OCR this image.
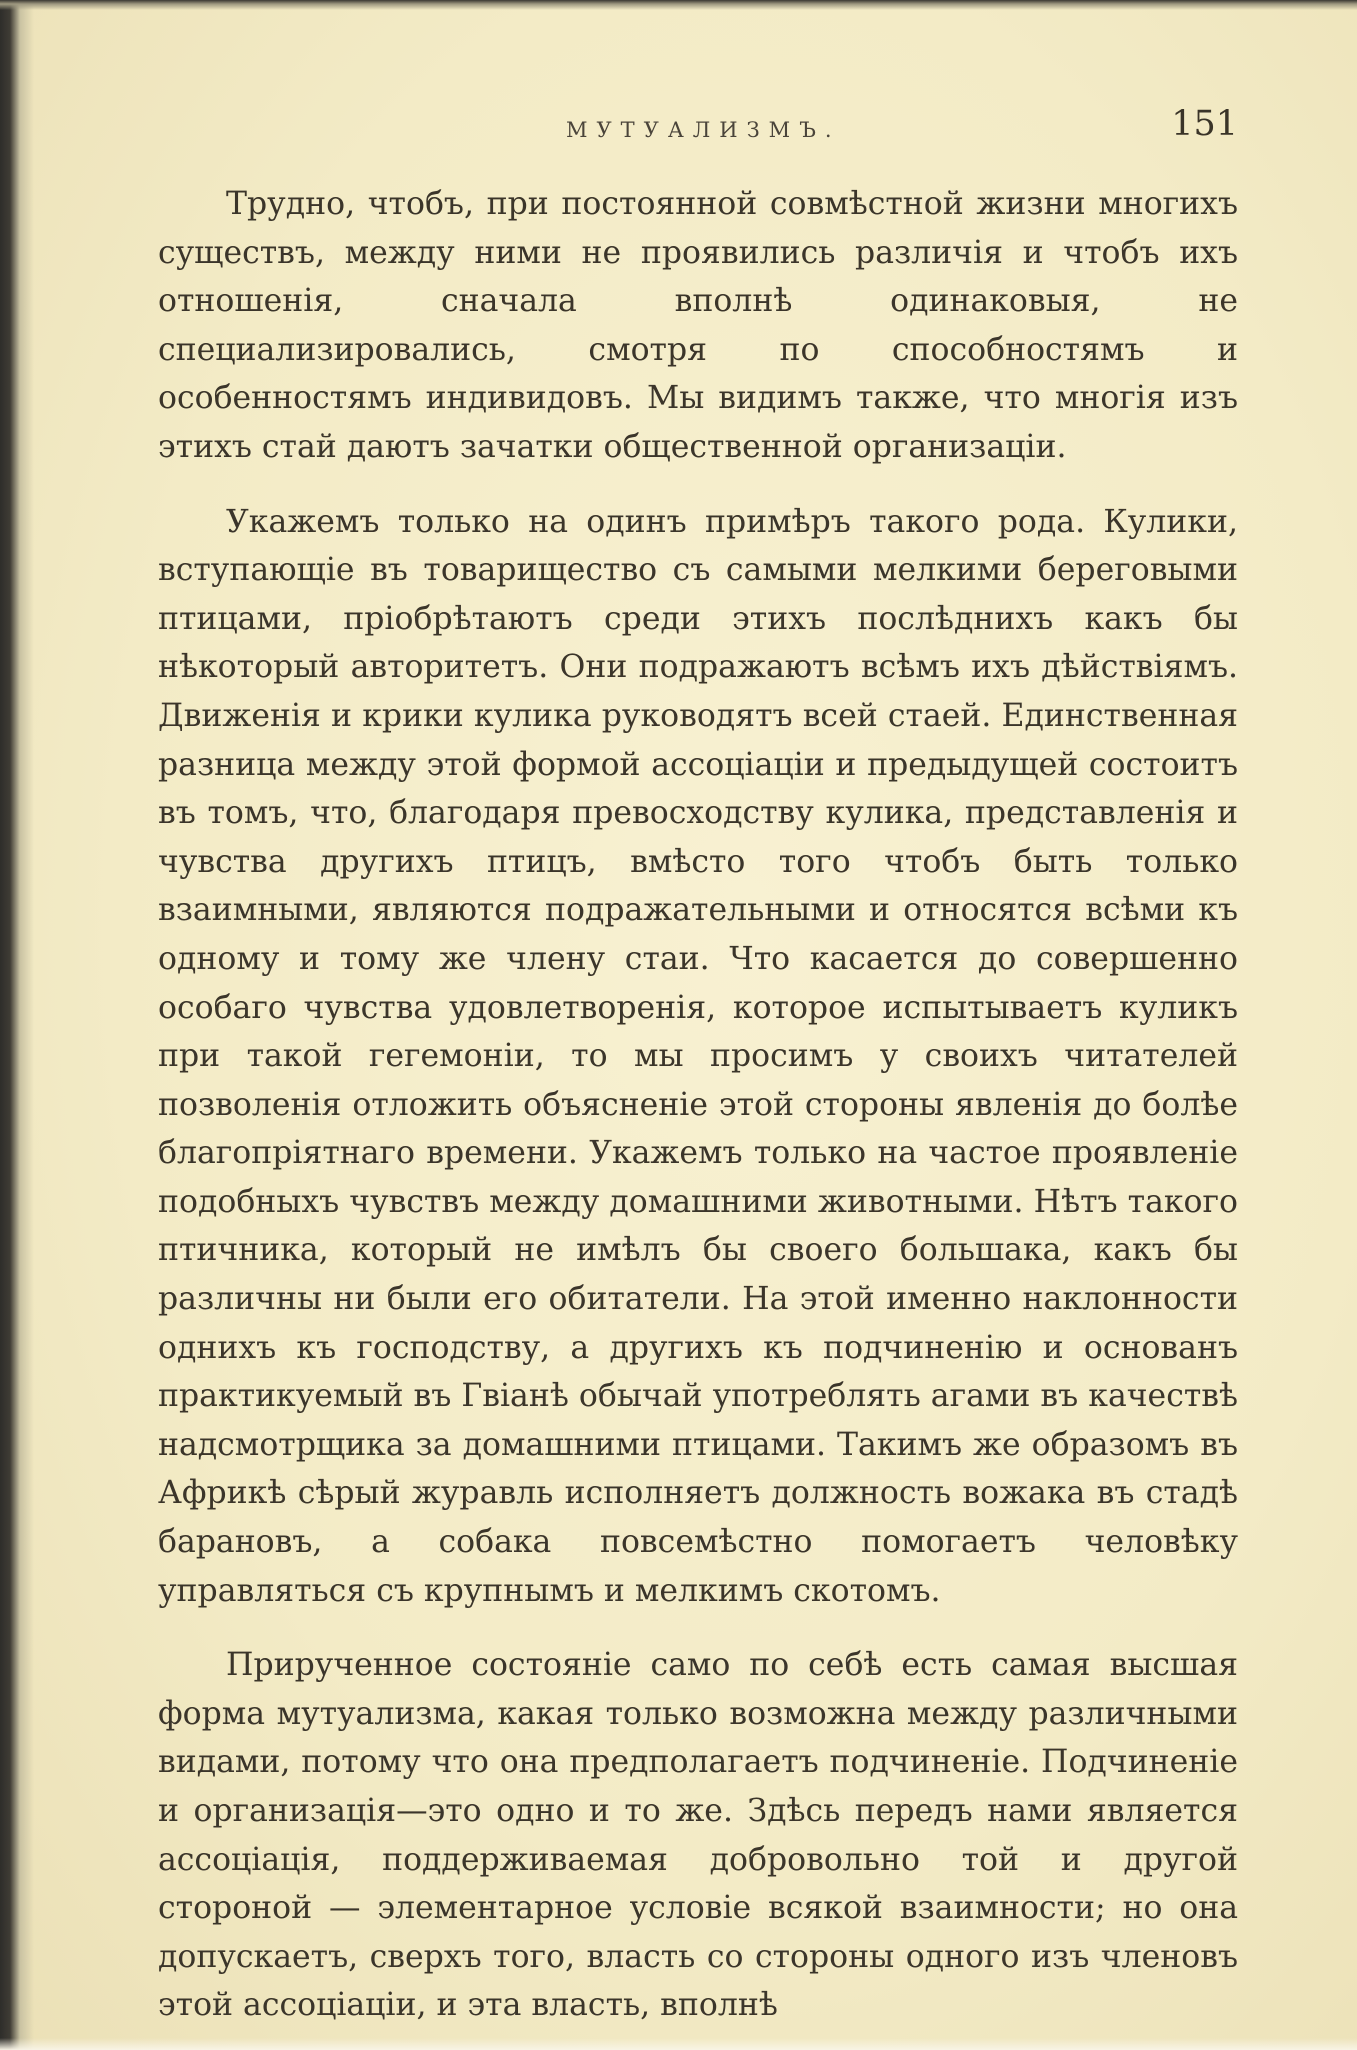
МУТУАЛИЗМЪ.	151

Трудно, чтобъ, при постоянной совмѣстной жизни многихъ существъ, между ними не проявились различія и чтобъ ихъ отношенія, сначала вполнѣ одинаковыя, не специализировались, смотря по способностямъ и особенностямъ индивидовъ. Мы видимъ также, что многія изъ этихъ стай даютъ зачатки общественной организаціи.

Укажемъ только на одинъ примѣръ такого рода. Кулики, вступающіе въ товарищество съ самыми мелкими береговыми птицами, пріобрѣтаютъ среди этихъ послѣднихъ какъ бы нѣкоторый авторитетъ. Они подражаютъ всѣмъ ихъ дѣйствіямъ. Движенія и крики кулика руководятъ всей стаей. Единственная разница между этой формой ассоціаціи и предыдущей состоитъ въ томъ, что, благодаря превосходству кулика, представленія и чувства другихъ птицъ, вмѣсто того чтобъ быть только взаимными, являются подражательными и относятся всѣми къ одному и тому же члену стаи. Что касается до совершенно особаго чувства удовлетворенія, которое испытываетъ куликъ при такой гегемоніи, то мы просимъ у своихъ читателей позволенія отложить объясненіе этой стороны явленія до болѣе благопріятнаго времени. Укажемъ только на частое проявленіе подобныхъ чувствъ между домашними животными. Нѣтъ такого птичника, который не имѣлъ бы своего большака, какъ бы различны ни были его обитатели. На этой именно наклонности однихъ къ господству, а другихъ къ подчиненію и основанъ практикуемый въ Гвіанѣ обычай употреблять агами въ качествѣ надсмотрщика за домашними птицами. Такимъ же образомъ въ Африкѣ сѣрый журавль исполняетъ должность вожака въ стадѣ барановъ, а собака повсемѣстно помогаетъ человѣку управляться съ крупнымъ и мелкимъ скотомъ.

Прирученное состояніе само по себѣ есть самая высшая форма мутуализма, какая только возможна между различными видами, потому что она предполагаетъ подчиненіе. Подчиненіе и организація—это одно и то же. Здѣсь передъ нами является ассоціація, поддерживаемая добровольно той и другой стороной — элементарное условіе всякой взаимности; но она допускаетъ, сверхъ того, власть со стороны одного изъ членовъ этой ассоціаціи, и эта власть, вполнѣ
